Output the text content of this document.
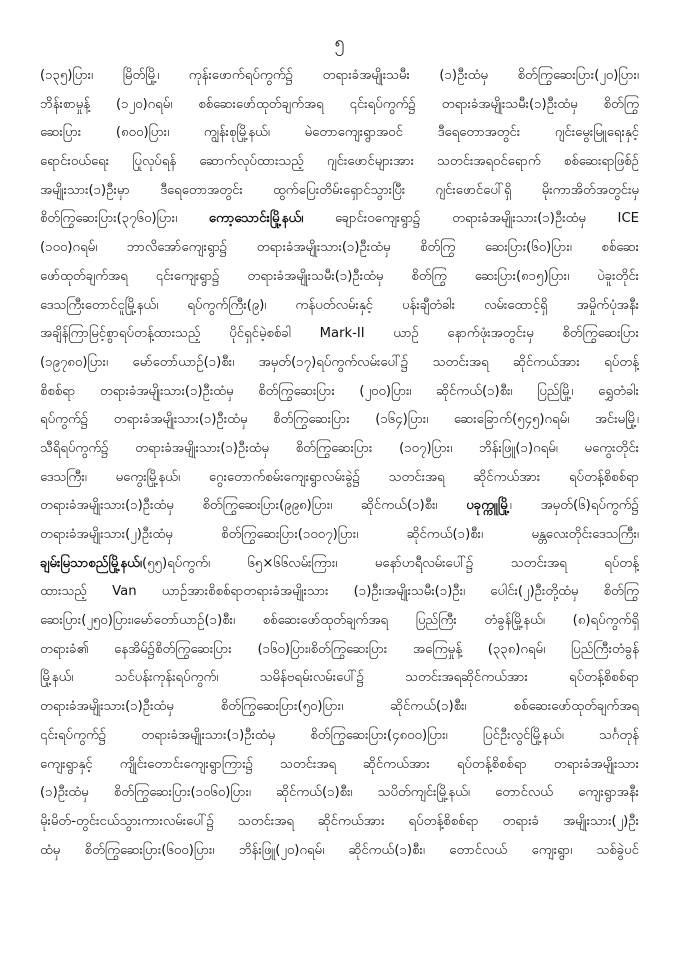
၅
(၁၃၅)ပြား၊ မြိတ်မြို့၊ ကုန်းဖောက်ရပ်ကွက်၌ တရားခံအမျိုးသမီး (၁)ဦးထံမှ စိတ်ကြွဆေးပြား(၂၀)ပြား၊
ဘိန်းစာမှုန့် (၁၂၀)ဂရမ်၊ စစ်ဆေးဖော်ထုတ်ချက်အရ ၎င်းရပ်ကွက်၌ တရားခံအမျိုးသမီး(၁)ဦးထံမှ စိတ်ကြွ
ဆေးပြား (၈၀၀)ပြား၊ ကျွန်းစုမြို့နယ်၊ မဲတောကျေးရွာအဝင် ဒီရေတောအတွင်း ဂျင်းမွေးမြူရေးနှင့်
ရောင်းဝယ်ရေး ပြုလုပ်ရန် ဆောက်လုပ်ထားသည့် ဂျင်းဖောင်များအား သတင်းအရဝင်ရောက် စစ်ဆေးရာဖြစ်ဉ်
အမျိုးသား(၁)ဦးမှာ ဒီရေတောအတွင်း ထွက်ပြေးတိမ်းရှောင်သွားပြီး ဂျင်းဖောင်ပေါ်ရှိ မိုးကာအိတ်အတွင်းမှ
စိတ်ကြွဆေးပြား(၃၇၆၀)ပြား၊ ကော့သောင်းမြို့နယ်၊ ချောင်းဝကျေးရွာ၌ တရားခံအမျိုးသား(၁)ဦးထံမှ ICE
(၁၀၀)ဂရမ်၊ ဘာလိအော်ကျေးရွာ၌ တရားခံအမျိုးသား(၁)ဦးထံမှ စိတ်ကြွ ဆေးပြား(၆၀)ပြား၊ စစ်ဆေး
ဖော်ထုတ်ချက်အရ ၎င်းကျေးရွာ၌ တရားခံအမျိုးသမီး(၁)ဦးထံမှ စိတ်ကြွ ဆေးပြား(၈၁၅)ပြား၊ ပဲခူးတိုင်း
ဒေသကြီးတောင်ငူမြို့နယ်၊ ရပ်ကွက်ကြီး(၉)၊ ကန်ပတ်လမ်းနှင့် ပန်းချီတံခါး လမ်းထောင့်ရှိ အမှိုက်ပုံအနီး
အချိန်ကြာမြင့်စွာရပ်တန့်ထားသည့် ပိုင်ရှင်မဲ့စစ်ခါ Mark-II ယာဉ် နောက်ဖုံးအတွင်းမှ စိတ်ကြွဆေးပြား
(၁၉၇၈၀)ပြား၊ မော်တော်ယာဉ်(၁)စီး၊ အမှတ်(၁၇)ရပ်ကွက်လမ်းပေါ်၌ သတင်းအရ ဆိုင်ကယ်အား ရပ်တန့်
စိစစ်ရာ တရားခံအမျိုးသား(၁)ဦးထံမှ စိတ်ကြွဆေးပြား (၂၀၀)ပြား၊ ဆိုင်ကယ်(၁)စီး၊ ပြည်မြို့၊ ရွှေတံခါး
ရပ်ကွက်၌ တရားခံအမျိုးသား(၁)ဦးထံမှ စိတ်ကြွဆေးပြား (၁၆၄)ပြား၊ ဆေးခြောက်(၅၄၅)ဂရမ်၊ အင်းမမြို့၊
သီရိရပ်ကွက်၌ တရားခံအမျိုးသား(၁)ဦးထံမှ စိတ်ကြွဆေးပြား (၁၀၇)ပြား၊ ဘိန်းဖြူ(၁)ဂရမ်၊ မကွေးတိုင်း
ဒေသကြီး၊ မကွေးမြို့နယ်၊ ဂွေးတောက်စမ်းကျေးရွာလမ်းခွဲ၌ သတင်းအရ ဆိုင်ကယ်အား ရပ်တန့်စိစစ်ရာ
တရားခံအမျိုးသား(၁)ဦးထံမှ စိတ်ကြွဆေးပြား(၉၉၈)ပြား၊ ဆိုင်ကယ်(၁)စီး၊ ပခုက္ကူမြို့၊ အမှတ်(၆)ရပ်ကွက်၌
တရားခံအမျိုးသား(၂)ဦးထံမှ စိတ်ကြွဆေးပြား(၁၀၀၇)ပြား၊ ဆိုင်ကယ်(၁)စီး၊ မန္တလေးတိုင်းဒေသကြီး၊
ချမ်းမြသာစည်မြို့နယ်၊(၅၅)ရပ်ကွက်၊ ၆၅×၆၆လမ်းကြား၊ မနော်ဟရီလမ်းပေါ်၌ သတင်းအရ ရပ်တန့်
ထားသည့် Van ယာဉ်အားစိစစ်ရာတရားခံအမျိုးသား (၁)ဦး၊အမျိုးသမီး(၁)ဦး၊ ပေါင်း(၂)ဦးတို့ထံမှ စိတ်ကြွ
ဆေးပြား(၂၅၀)ပြား၊မော်တော်ယာဉ်(၁)စီး၊ စစ်ဆေးဖော်ထုတ်ချက်အရ ပြည်ကြီး တံခွန်မြို့နယ်၊ (၈)ရပ်ကွက်ရှိ
တရားခံ၏ နေအိမ်၌စိတ်ကြွဆေးပြား (၁၆၀)ပြား၊စိတ်ကြွဆေးပြား အကြေမှုန့် (၃၃၈)ဂရမ်၊ ပြည်ကြီးတံခွန်
မြို့နယ်၊ သင်ပန်းကုန်းရပ်ကွက်၊ သမိန်ဗရမ်းလမ်းပေါ်၌ သတင်းအရဆိုင်ကယ်အား ရပ်တန့်စိစစ်ရာ
တရားခံအမျိုးသား(၁)ဦးထံမှ စိတ်ကြွဆေးပြား(၅၀)ပြား၊ ဆိုင်ကယ်(၁)စီး၊ စစ်ဆေးဖော်ထုတ်ချက်အရ
၎င်းရပ်ကွက်၌ တရားခံအမျိုးသား(၁)ဦးထံမှ စိတ်ကြွဆေးပြား(၄၈၀၀)ပြား၊ ပြင်ဦးလွင်မြို့နယ်၊ သင်္ဂတုန်
ကျေးရွာနှင့် ကျိုင်းတောင်းကျေးရွာကြား၌ သတင်းအရ ဆိုင်ကယ်အား ရပ်တန့်စိစစ်ရာ တရားခံအမျိုးသား
(၁)ဦးထံမှ စိတ်ကြွဆေးပြား(၁၀၆၀)ပြား၊ ဆိုင်ကယ်(၁)စီး၊ သပိတ်ကျင်းမြို့နယ်၊ တောင်လယ် ကျေးရွာအနီး
မိုးမိတ်-တွင်းငယ်သွားကားလမ်းပေါ်၌ သတင်းအရ ဆိုင်ကယ်အား ရပ်တန့်စိစစ်ရာ တရားခံ အမျိုးသား(၂)ဦး
ထံမှ စိတ်ကြွဆေးပြား(၆၀၀)ပြား၊ ဘိန်းဖြူ(၂၀)ဂရမ်၊ ဆိုင်ကယ်(၁)စီး၊ တောင်လယ် ကျေးရွာ၊ သစ်ခွဲပင်
